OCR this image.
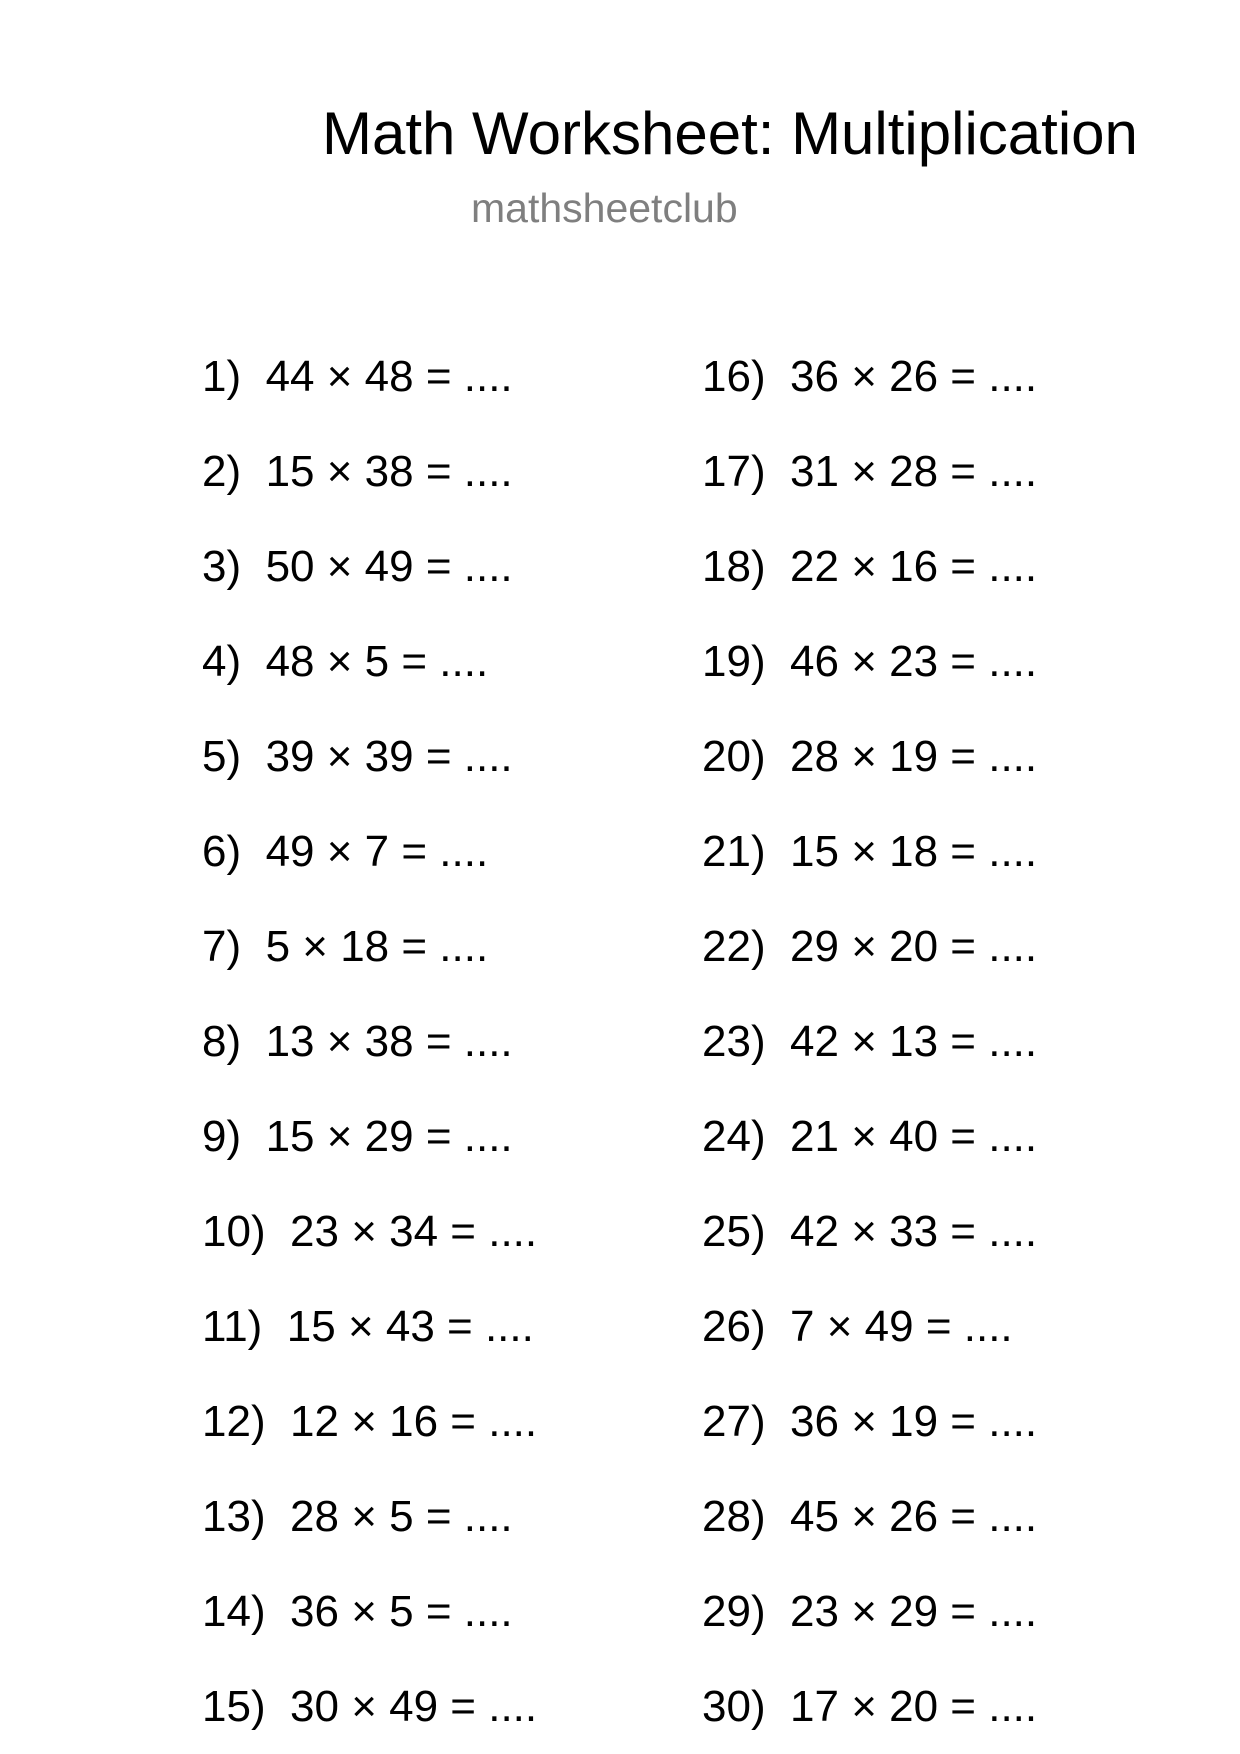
Math Worksheet: Multiplication
mathsheetclub
1) 44 × 48 = ....
2) 15 × 38 = ....
3) 50 × 49 = ....
4) 48 × 5 = ....
5) 39 × 39 = ....
6) 49 × 7 = ....
7) 5 × 18 = ....
8) 13 × 38 = ....
9) 15 × 29 = ....
10) 23 × 34 = ....
11) 15 × 43 = ....
12) 12 × 16 = ....
13) 28 × 5 = ....
14) 36 × 5 = ....
15) 30 × 49 = ....
16) 36 × 26 = ....
17) 31 × 28 = ....
18) 22 × 16 = ....
19) 46 × 23 = ....
20) 28 × 19 = ....
21) 15 × 18 = ....
22) 29 × 20 = ....
23) 42 × 13 = ....
24) 21 × 40 = ....
25) 42 × 33 = ....
26) 7 × 49 = ....
27) 36 × 19 = ....
28) 45 × 26 = ....
29) 23 × 29 = ....
30) 17 × 20 = ....
